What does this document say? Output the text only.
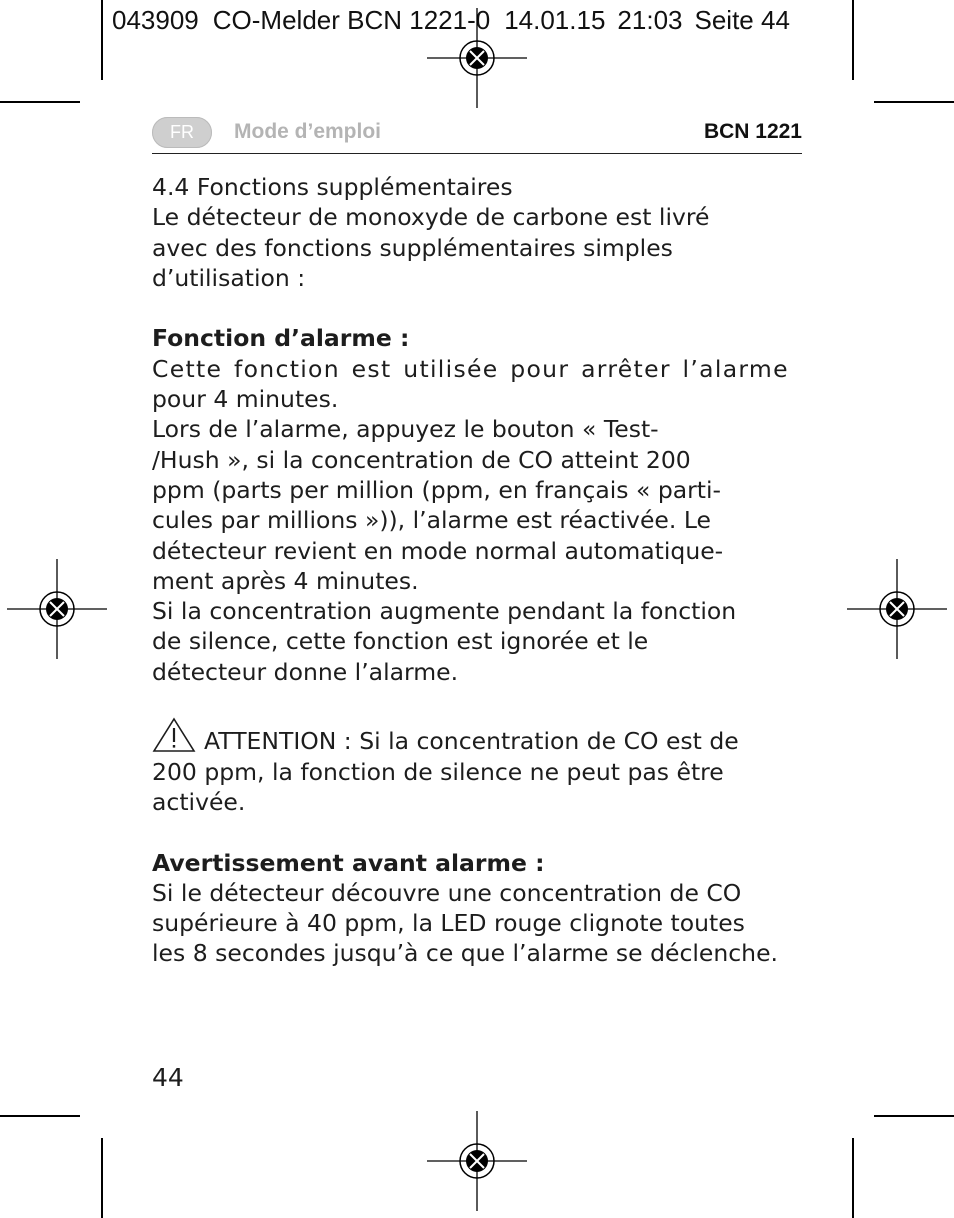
043909 CO-Melder BCN 1221-0 14.01.15 21:03 Seite 44
FR	Mode d’emploi	BCN 1221
4.4 Fonctions supplémentaires
Le détecteur de monoxyde de carbone est livré
avec des fonctions supplémentaires simples
d’utilisation :
Fonction d’alarme :
Cette fonction est utilisée pour arrêter l’alarme
pour 4 minutes.
Lors de l’alarme, appuyez le bouton « Test-
/Hush », si la concentration de CO atteint 200
ppm (parts per million (ppm, en français « parti-
cules par millions »)), l’alarme est réactivée. Le
détecteur revient en mode normal automatique-
ment après 4 minutes.
Si la concentration augmente pendant la fonction
de silence, cette fonction est ignorée et le
détecteur donne l’alarme.
ATTENTION : Si la concentration de CO est de
200 ppm, la fonction de silence ne peut pas être
activée.
Avertissement avant alarme :
Si le détecteur découvre une concentration de CO
supérieure à 40 ppm, la LED rouge clignote toutes
les 8 secondes jusqu’à ce que l’alarme se déclenche.
44
